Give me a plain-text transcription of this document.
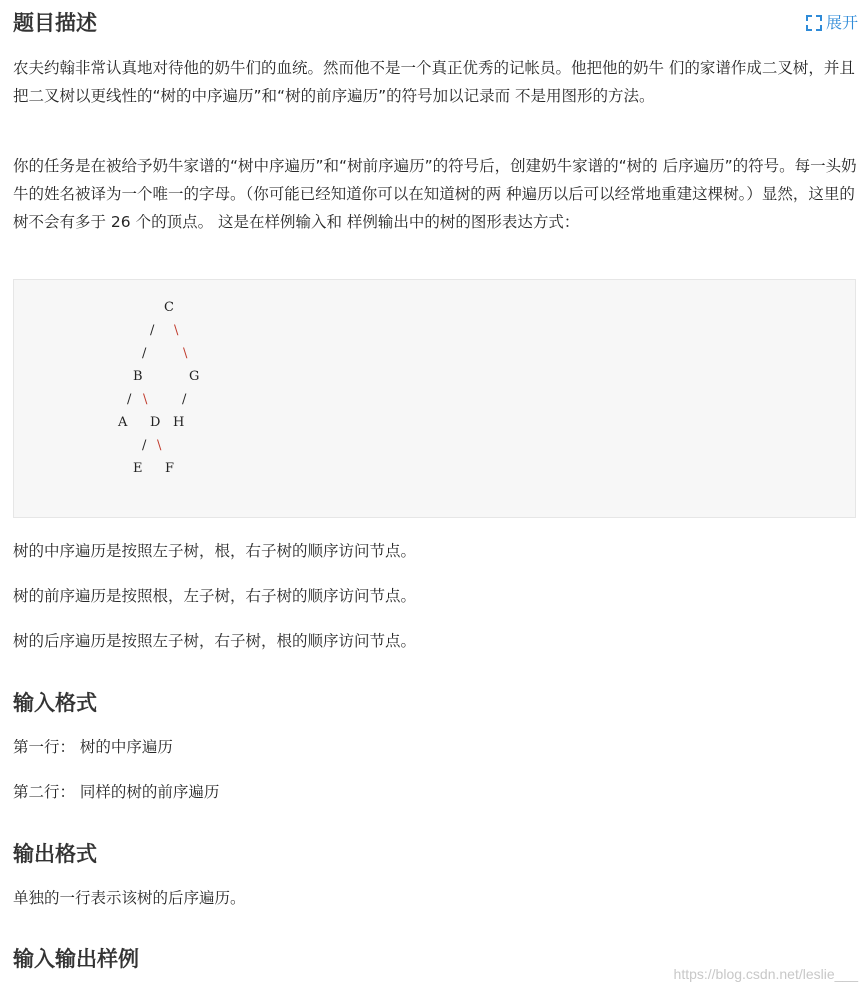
题目描述	展开

农夫约翰非常认真地对待他的奶牛们的血统。然而他不是一个真正优秀的记帐员。他把他的奶牛 们的家谱作成二叉树，并且把二叉树以更线性的“树的中序遍历”和“树的前序遍历”的符号加以记录而 不是用图形的方法。

你的任务是在被给予奶牛家谱的“树中序遍历”和“树前序遍历”的符号后，创建奶牛家谱的“树的 后序遍历”的符号。每一头奶牛的姓名被译为一个唯一的字母。（你可能已经知道你可以在知道树的两 种遍历以后可以经常地重建这棵树。）显然，这里的树不会有多于 26 个的顶点。 这是在样例输入和 样例输出中的树的图形表达方式：

C
/ \
/	\
B	G
/ \	/
A D H
/ \
E F

树的中序遍历是按照左子树，根，右子树的顺序访问节点。

树的前序遍历是按照根，左子树，右子树的顺序访问节点。

树的后序遍历是按照左子树，右子树，根的顺序访问节点。

输入格式

第一行： 树的中序遍历

第二行： 同样的树的前序遍历

输出格式

单独的一行表示该树的后序遍历。

输入输出样例
https://blog.csdn.net/leslie___
